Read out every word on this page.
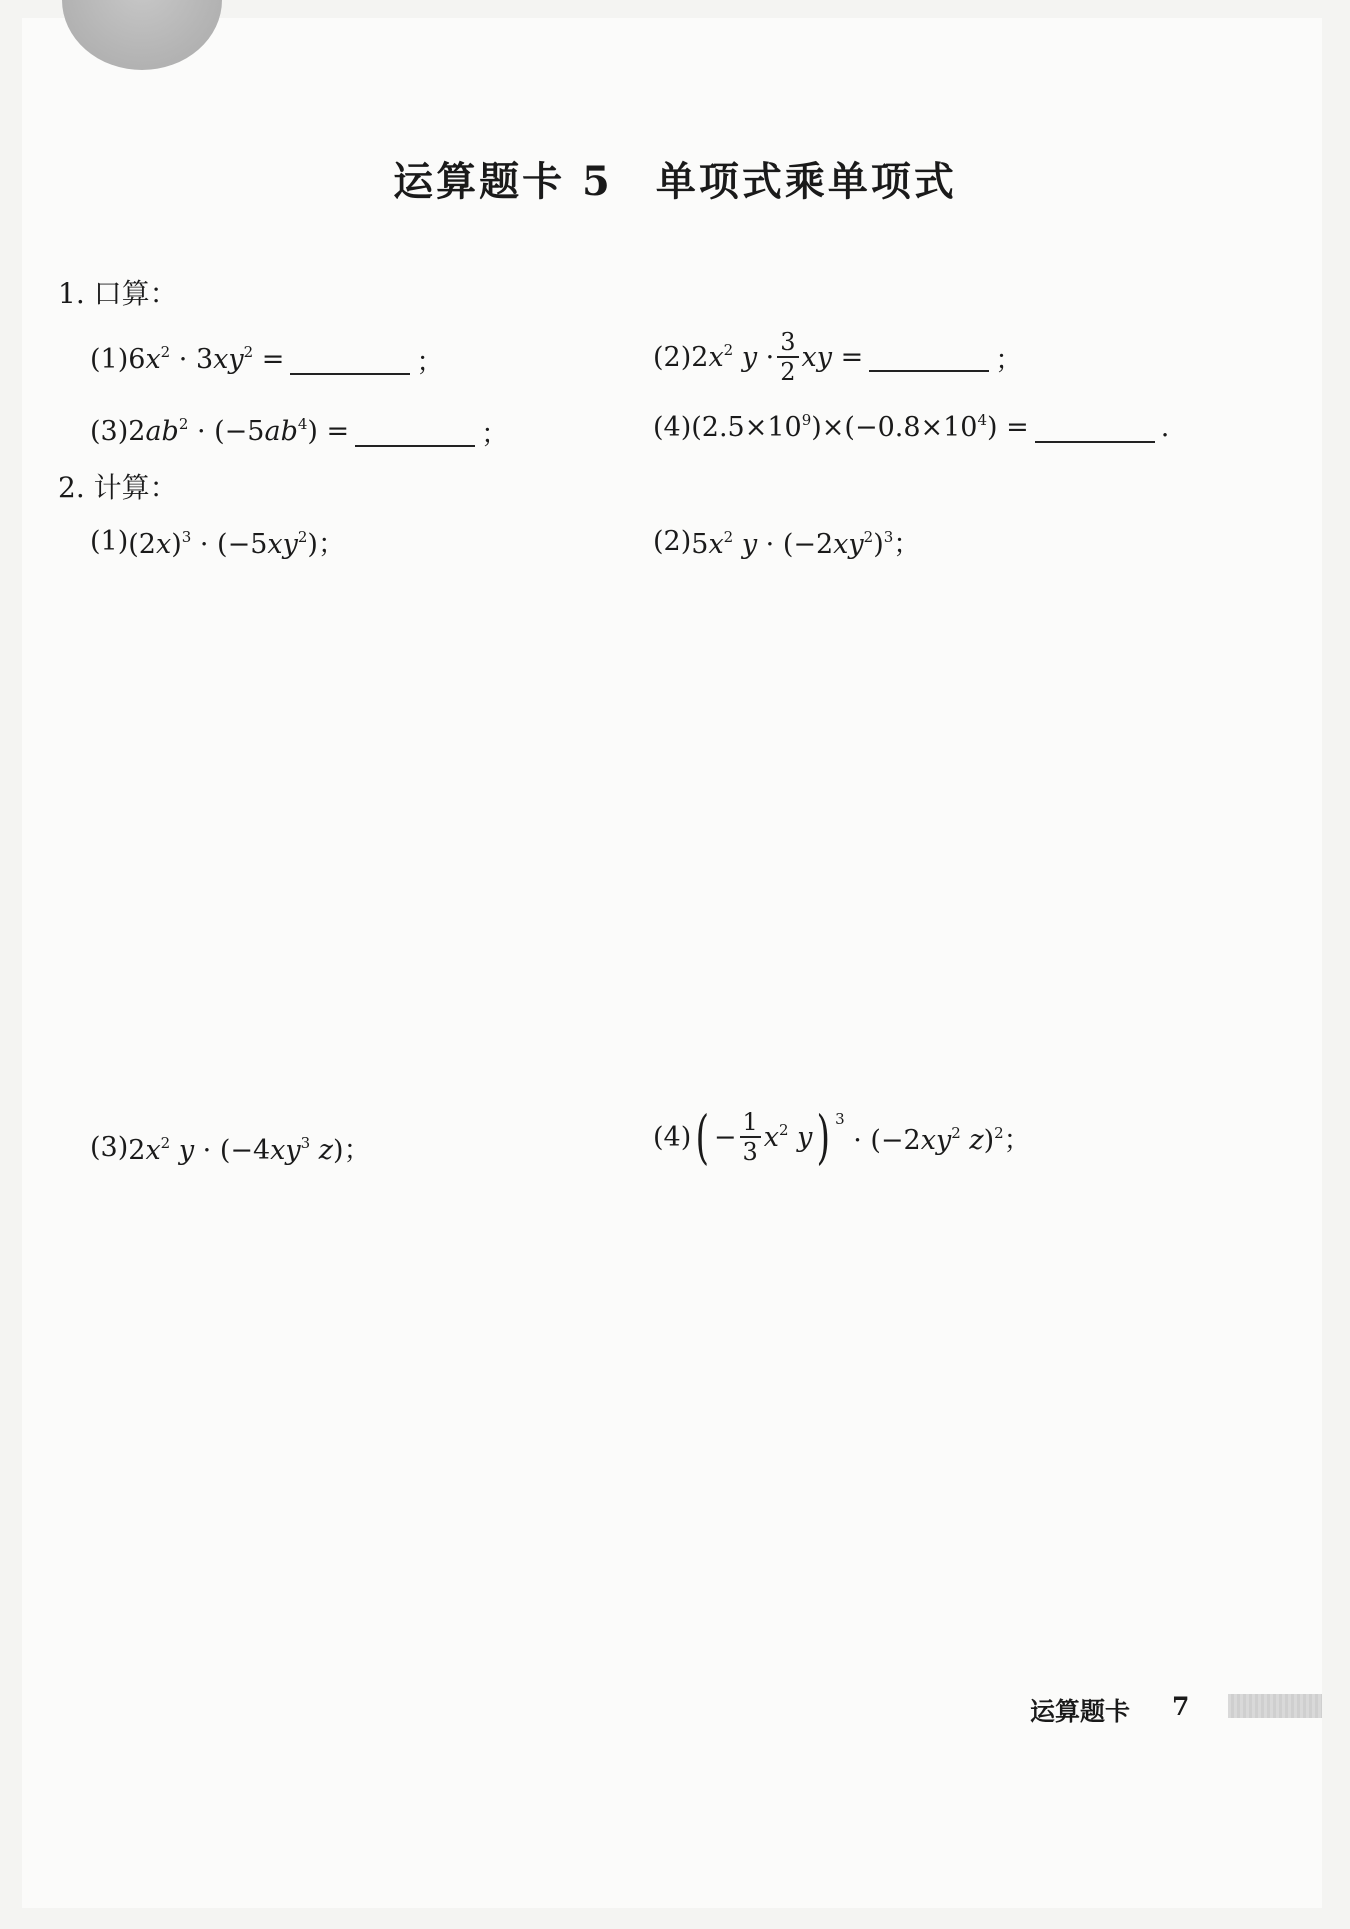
运算题卡 5　单项式乘单项式
1. 口算：
(1) $6x^2 \cdot 3xy^2$ =	；	(2) $2x^2$ $y \cdot \frac{3}{2}$ xy =	；
(3) $2ab^2 \cdot (-5ab^4)$ =	；	(4) $(2.5\times 10^9)\times(-0.8\times 10^4)$ =	.
2. 计算：
(1) $(2x)^3 \cdot (-5xy^2)$；	(2) $5x^2$ $y \cdot (-2xy^2)^3$；
(3) $2x^2$ $y \cdot (-4xy^3$ z)；	(4) ( − $\frac{1}{3} x^2$ y ) 3
· ($-2xy^2$ z)$^2$；
运算题卡 7
